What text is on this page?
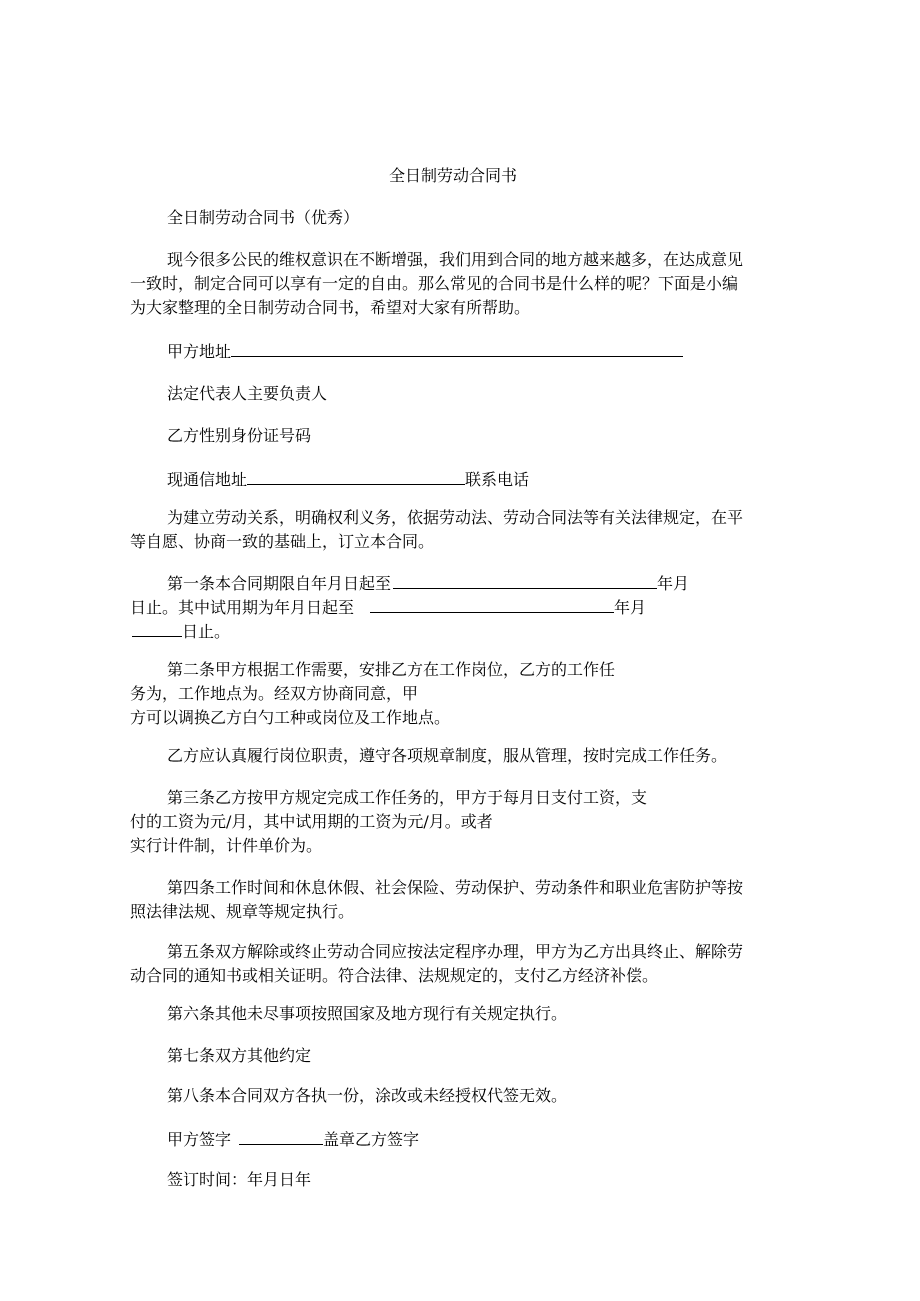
全日制劳动合同书
全日制劳动合同书（优秀）
现今很多公民的维权意识在不断增强，我们用到合同的地方越来越多，在达成意见
一致时，制定合同可以享有一定的自由。那么常见的合同书是什么样的呢？下面是小编
为大家整理的全日制劳动合同书，希望对大家有所帮助。
甲方地址
法定代表人主要负责人
乙方性别身份证号码
现通信地址	联系电话
为建立劳动关系，明确权利义务，依据劳动法、劳动合同法等有关法律规定，在平
等自愿、协商一致的基础上，订立本合同。
第一条本合同期限自年月日起至	年月
日止。其中试用期为年月日起至	年月
日止。
第二条甲方根据工作需要，安排乙方在工作岗位，乙方的工作任
务为，工作地点为。经双方协商同意，甲
方可以调换乙方白勺工种或岗位及工作地点。
乙方应认真履行岗位职责，遵守各项规章制度，服从管理，按时完成工作任务。
第三条乙方按甲方规定完成工作任务的，甲方于每月日支付工资，支
付的工资为元/月，其中试用期的工资为元/月。或者
实行计件制，计件单价为。
第四条工作时间和休息休假、社会保险、劳动保护、劳动条件和职业危害防护等按
照法律法规、规章等规定执行。
第五条双方解除或终止劳动合同应按法定程序办理，甲方为乙方出具终止、解除劳
动合同的通知书或相关证明。符合法律、法规规定的，支付乙方经济补偿。
第六条其他未尽事项按照国家及地方现行有关规定执行。
第七条双方其他约定
第八条本合同双方各执一份，涂改或未经授权代签无效。
甲方签字	盖章乙方签字
签订时间：年月日年
